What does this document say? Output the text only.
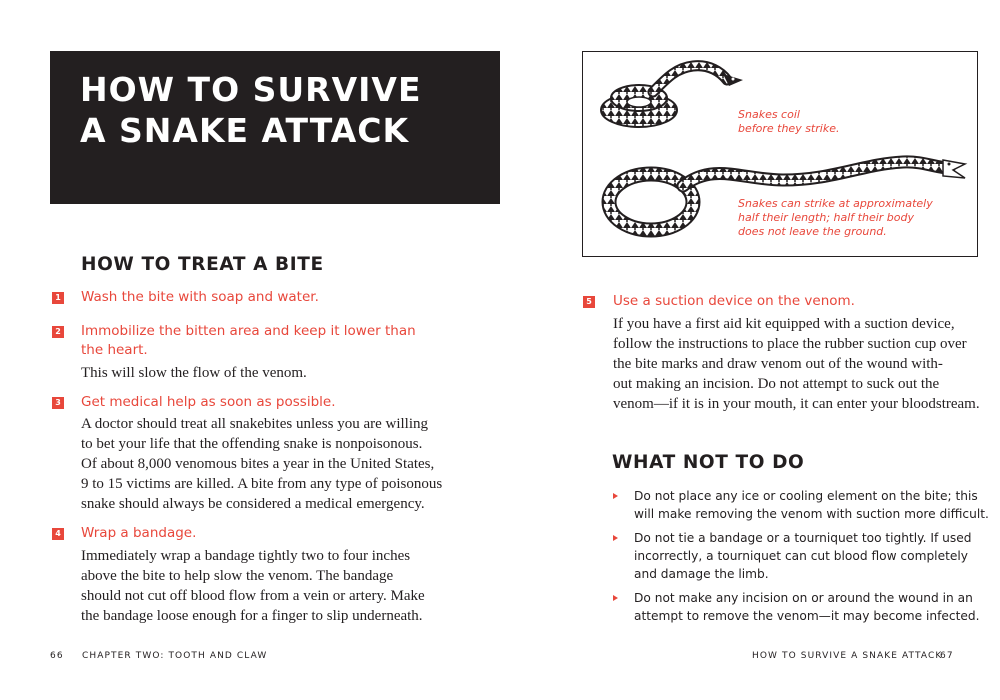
HOW TO SURVIVE
A SNAKE ATTACK
HOW TO TREAT A BITE
1 Wash the bite with soap and water.
2 Immobilize the bitten area and keep it lower than
the heart.
This will slow the flow of the venom.
3 Get medical help as soon as possible.
A doctor should treat all snakebites unless you are willing
to bet your life that the offending snake is nonpoisonous.
Of about 8,000 venomous bites a year in the United States,
9 to 15 victims are killed. A bite from any type of poisonous
snake should always be considered a medical emergency.
4 Wrap a bandage.
Immediately wrap a bandage tightly two to four inches
above the bite to help slow the venom. The bandage
should not cut off blood flow from a vein or artery. Make
the bandage loose enough for a finger to slip underneath.
Snakes coil
before they strike.
Snakes can strike at approximately
half their length; half their body
does not leave the ground.
5 Use a suction device on the venom.
If you have a first aid kit equipped with a suction device,
follow the instructions to place the rubber suction cup over
the bite marks and draw venom out of the wound with-
out making an incision. Do not attempt to suck out the
venom—if it is in your mouth, it can enter your bloodstream.
WHAT NOT TO DO
Do not place any ice or cooling element on the bite; this
will make removing the venom with suction more difficult.
Do not tie a bandage or a tourniquet too tightly. If used
incorrectly, a tourniquet can cut blood flow completely
and damage the limb.
Do not make any incision on or around the wound in an
attempt to remove the venom—it may become infected.
66 CHAPTER TWO: TOOTH AND CLAW	HOW TO SURVIVE A SNAKE ATTACK
67
